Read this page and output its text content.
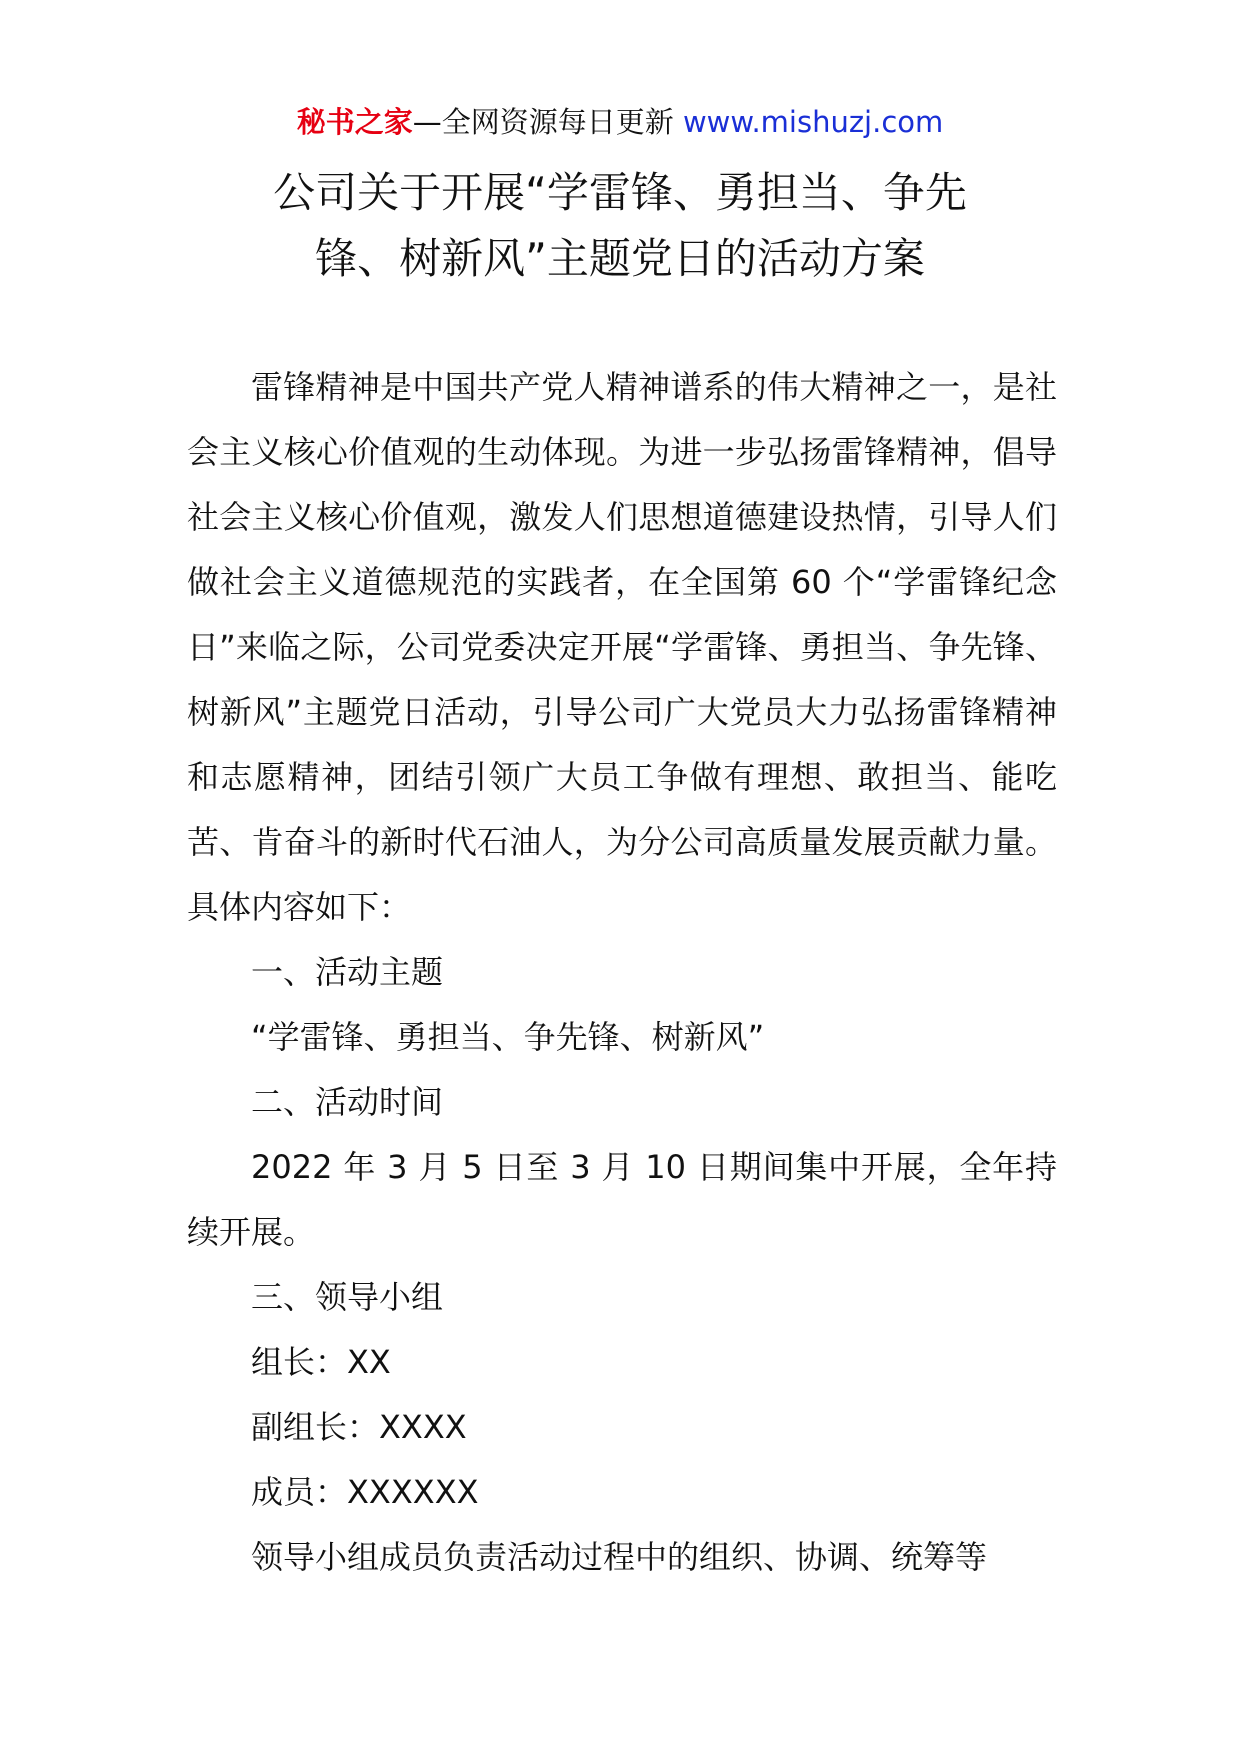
秘书之家—全网资源每日更新 www.mishuzj.com
公司关于开展“学雷锋、勇担当、争先
锋、树新风”主题党日的活动方案

雷锋精神是中国共产党人精神谱系的伟大精神之一，是社会主义核心价值观的生动体现。为进一步弘扬雷锋精神，倡导社会主义核心价值观，激发人们思想道德建设热情，引导人们做社会主义道德规范的实践者，在全国第 60 个“学雷锋纪念日”来临之际，公司党委决定开展“学雷锋、勇担当、争先锋、树新风”主题党日活动，引导公司广大党员大力弘扬雷锋精神和志愿精神，团结引领广大员工争做有理想、敢担当、能吃苦、肯奋斗的新时代石油人，为分公司高质量发展贡献力量。具体内容如下：

一、活动主题

“学雷锋、勇担当、争先锋、树新风”

二、活动时间

2022 年 3 月 5 日至 3 月 10 日期间集中开展，全年持续开展。

三、领导小组

组长：XX

副组长：XXXX

成员：XXXXXX

领导小组成员负责活动过程中的组织、协调、统筹等
